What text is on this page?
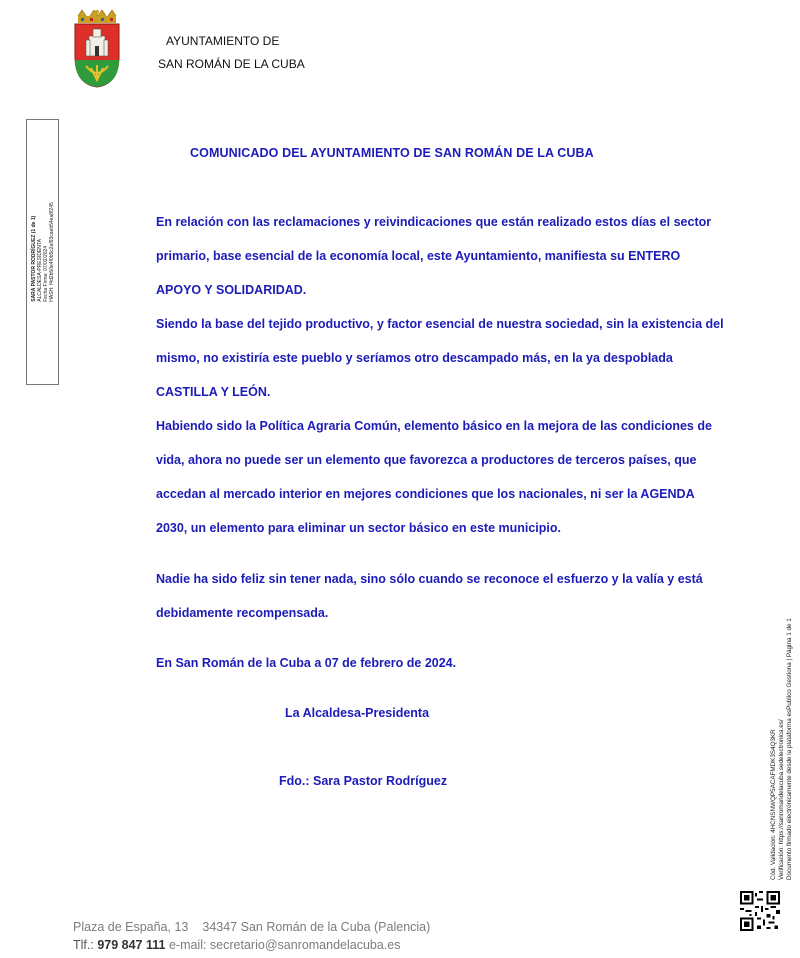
AYUNTAMIENTO DE
SAN ROMÁN DE LA CUBA
SARA PASTOR RODRÍGUEZ (1 de 1) ALCALDESA-PRESIDENTA Fecha Firma: 07/02/2024 HASH: f4d2b50e4f0b5c2af93caeb54ea8f245
COMUNICADO DEL AYUNTAMIENTO DE SAN ROMÁN DE LA CUBA
En relación con las reclamaciones y reivindicaciones que están realizado estos días el sector primario, base esencial de la economía local, este Ayuntamiento, manifiesta su ENTERO APOYO Y SOLIDARIDAD.
Siendo la base del tejido productivo, y factor esencial de nuestra sociedad, sin la existencia del mismo, no existiría este pueblo y seríamos otro descampado más, en la ya despoblada CASTILLA Y LEÓN.
Habiendo sido la Política Agraria Común, elemento básico en la mejora de las condiciones de vida, ahora no puede ser un elemento que favorezca a productores de terceros países, que accedan al mercado interior en mejores condiciones que los nacionales, ni ser la AGENDA 2030, un elemento para eliminar un sector básico en este municipio.
Nadie ha sido feliz sin tener nada, sino sólo cuando se reconoce el esfuerzo y la valía y está debidamente recompensada.
En San Román de la Cuba a 07 de febrero de 2024.
La Alcaldesa-Presidenta
Fdo.: Sara Pastor Rodríguez	Cód. Validación: 4HCNSNWQP5ACAFMDK3S4Q3KR Verificación: https://sanromandelacuba.sedelectronica.es/ Documento firmado electrónicamente desde la plataforma esPublico Gestiona | Página 1 de 1
Plaza de España, 13 34347 San Román de la Cuba (Palencia)
Tlf.: 979 847 111 e-mail: secretario@sanromandelacuba.es
